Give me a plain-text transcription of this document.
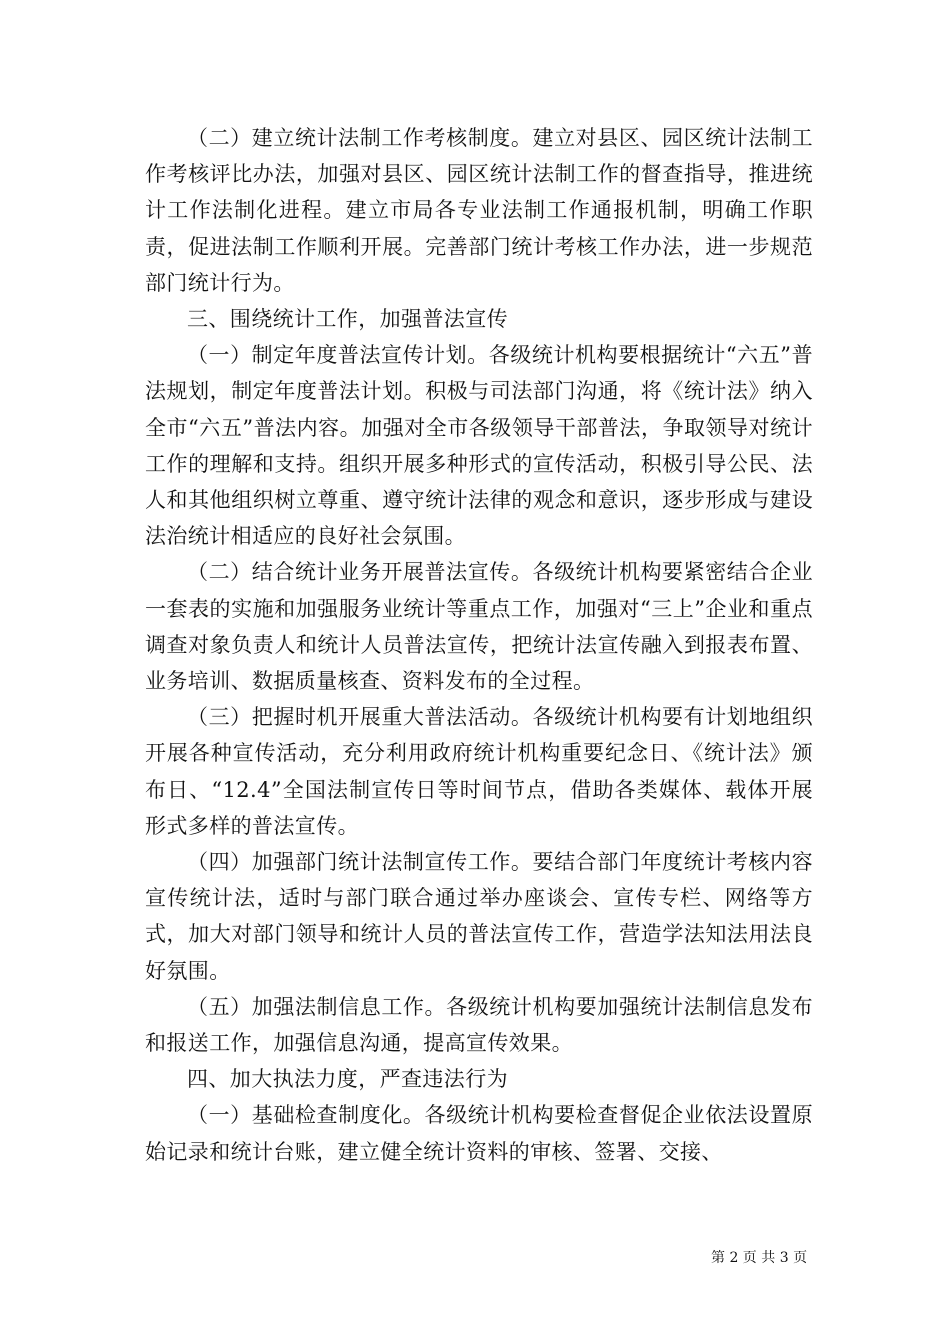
（二）建立统计法制工作考核制度。建立对县区、园区统计法制工作考核评比办法，加强对县区、园区统计法制工作的督查指导，推进统计工作法制化进程。建立市局各专业法制工作通报机制，明确工作职责，促进法制工作顺利开展。完善部门统计考核工作办法，进一步规范部门统计行为。

三、围绕统计工作，加强普法宣传

（一）制定年度普法宣传计划。各级统计机构要根据统计“六五”普法规划，制定年度普法计划。积极与司法部门沟通，将《统计法》纳入全市“六五”普法内容。加强对全市各级领导干部普法，争取领导对统计工作的理解和支持。组织开展多种形式的宣传活动，积极引导公民、法人和其他组织树立尊重、遵守统计法律的观念和意识，逐步形成与建设法治统计相适应的良好社会氛围。

（二）结合统计业务开展普法宣传。各级统计机构要紧密结合企业一套表的实施和加强服务业统计等重点工作，加强对“三上”企业和重点调查对象负责人和统计人员普法宣传，把统计法宣传融入到报表布置、业务培训、数据质量核查、资料发布的全过程。

（三）把握时机开展重大普法活动。各级统计机构要有计划地组织开展各种宣传活动，充分利用政府统计机构重要纪念日、《统计法》颁布日、“12.4”全国法制宣传日等时间节点，借助各类媒体、载体开展形式多样的普法宣传。

（四）加强部门统计法制宣传工作。要结合部门年度统计考核内容宣传统计法，适时与部门联合通过举办座谈会、宣传专栏、网络等方式，加大对部门领导和统计人员的普法宣传工作，营造学法知法用法良好氛围。

（五）加强法制信息工作。各级统计机构要加强统计法制信息发布和报送工作，加强信息沟通，提高宣传效果。

四、加大执法力度，严查违法行为

（一）基础检查制度化。各级统计机构要检查督促企业依法设置原始记录和统计台账，建立健全统计资料的审核、签署、交接、

第 2 页 共 3 页
